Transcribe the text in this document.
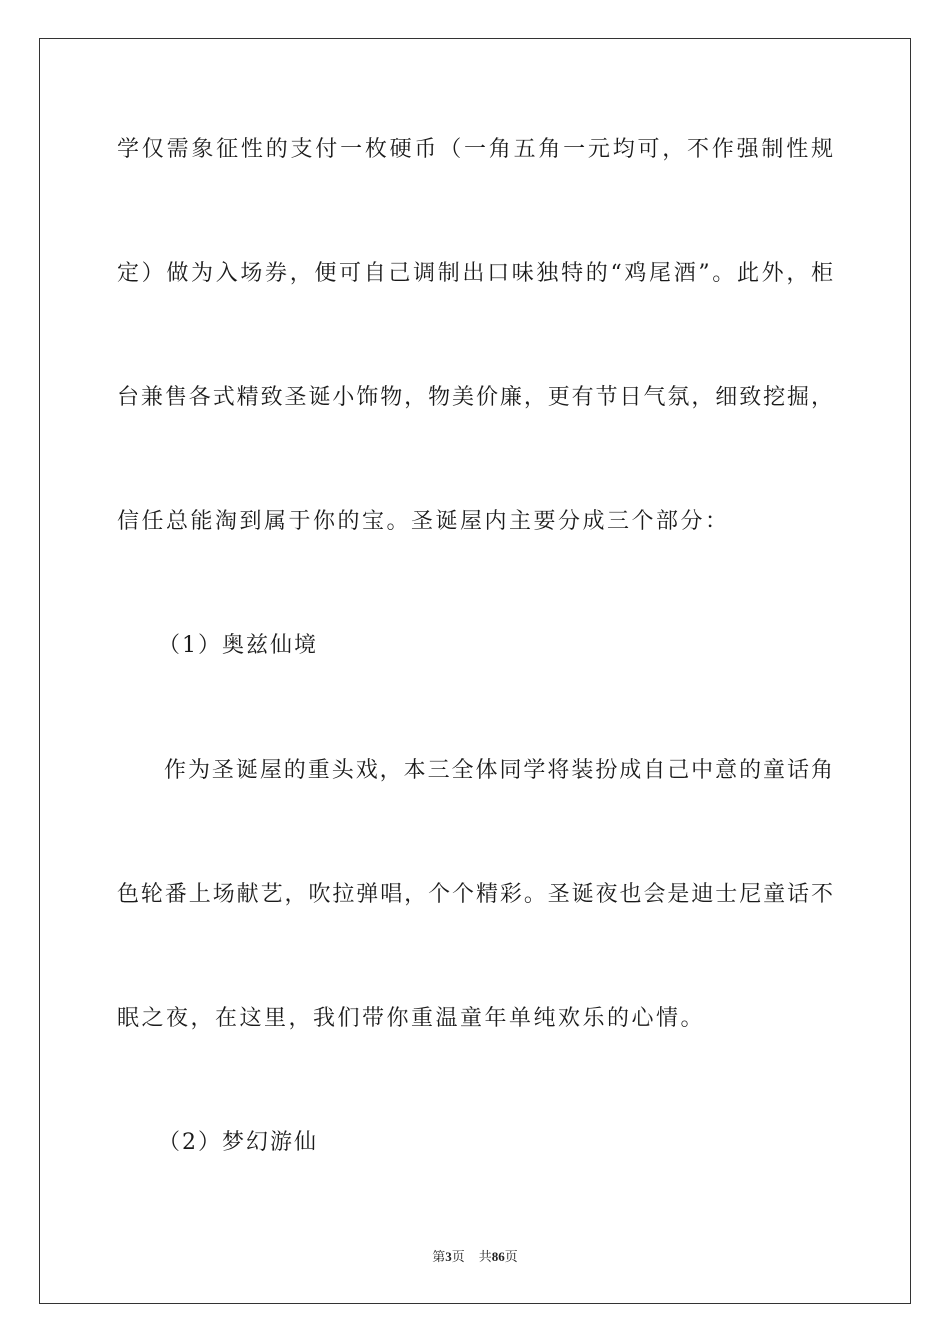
学仅需象征性的支付一枚硬币（一角五角一元均可，不作强制性规
定）做为入场券，便可自己调制出口味独特的“鸡尾酒”。此外，柜
台兼售各式精致圣诞小饰物，物美价廉，更有节日气氛，细致挖掘，
信任总能淘到属于你的宝。圣诞屋内主要分成三个部分：
（1）奥兹仙境
作为圣诞屋的重头戏，本三全体同学将装扮成自己中意的童话角
色轮番上场献艺，吹拉弹唱，个个精彩。圣诞夜也会是迪士尼童话不
眠之夜，在这里，我们带你重温童年单纯欢乐的心情。
（2）梦幻游仙
第3页 共86页
